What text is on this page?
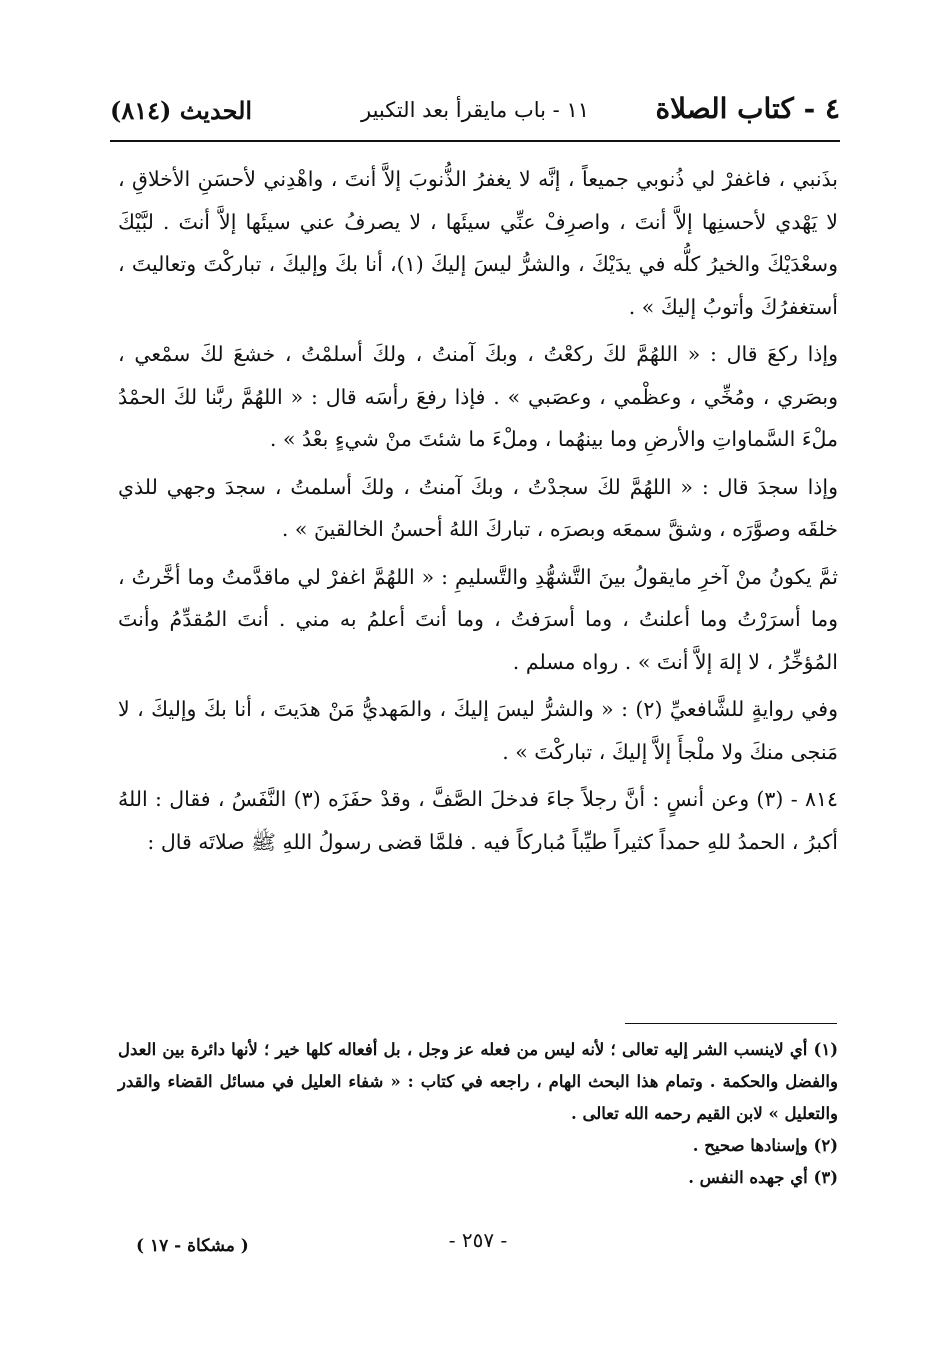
٤ - كتاب الصلاة
١١ - باب مايقرأ بعد التكبير
الحديث (٨١٤)

بذَنبي ، فاغفرْ لي ذُنوبي جميعاً ، إنَّه لا يغفرُ الذُّنوبَ إلاَّ أنتَ ، واهْدِني لأحسَنِ الأخلاقِ ، لا يَهْدي لأحسنِها إلاَّ أنتَ ، واصرِفْ عنِّي سيئَها ، لا يصرفُ عني سيئَها إلاَّ أنتَ . لبَّيْكَ وسعْدَيْكَ والخيرُ كلُّه في يدَيْكَ ، والشرُّ ليسَ إليكَ (١)، أنا بكَ وإليكَ ، تباركْتَ وتعاليتَ ، أستغفرُكَ وأتوبُ إليكَ » .

وإذا ركعَ قال : « اللهُمَّ لكَ ركعْتُ ، وبكَ آمنتُ ، ولكَ أسلمْتُ ، خشعَ لكَ سمْعي ، وبصَري ، ومُخِّي ، وعظْمي ، وعصَبي » . فإذا رفعَ رأسَه قال : « اللهُمَّ ربَّنا لكَ الحمْدُ ملْءَ السَّماواتِ والأرضِ وما بينهُما ، وملْءَ ما شئتَ منْ شيءٍ بعْدُ » .

وإذا سجدَ قال : « اللهُمَّ لكَ سجدْتُ ، وبكَ آمنتُ ، ولكَ أسلمتُ ، سجدَ وجهي للذي خلقَه وصوَّرَه ، وشقَّ سمعَه وبصرَه ، تباركَ اللهُ أحسنُ الخالقينَ » .

ثمَّ يكونُ منْ آخرِ مايقولُ بينَ التَّشهُّدِ والتَّسليمِ : « اللهُمَّ اغفرْ لي ماقدَّمتُ وما أخَّرتُ ، وما أسرَرْتُ وما أعلنتُ ، وما أسرَفتُ ، وما أنتَ أعلمُ به مني . أنتَ المُقدِّمُ وأنتَ المُؤخِّرُ ، لا إلهَ إلاَّ أنتَ » . رواه مسلم .

وفي روايةٍ للشَّافعيِّ (٢) : « والشرُّ ليسَ إليكَ ، والمَهديُّ مَنْ هدَيتَ ، أنا بكَ وإليكَ ، لا مَنجى منكَ ولا ملْجأَ إلاَّ إليكَ ، تباركْتَ » .

٨١٤ - (٣) وعن أنسٍ : أنَّ رجلاً جاءَ فدخلَ الصَّفَّ ، وقدْ حفَزَه (٣) النَّفَسُ ، فقال : اللهُ أكبرُ ، الحمدُ للهِ حمداً كثيراً طيِّباً مُباركاً فيه . فلمَّا قضى رسولُ اللهِ ﷺ صلاتَه قال :

(١) أي لاينسب الشر إليه تعالى ؛ لأنه ليس من فعله عز وجل ، بل أفعاله كلها خير ؛ لأنها دائرة بين العدل والفضل والحكمة . وتمام هذا البحث الهام ، راجعه في كتاب : « شفاء العليل في مسائل القضاء والقدر والتعليل » لابن القيم رحمه الله تعالى .

(٢) وإسنادها صحيح .

(٣) أي جهده النفس .

- ٢٥٧ -
( مشكاة - ١٧ )
